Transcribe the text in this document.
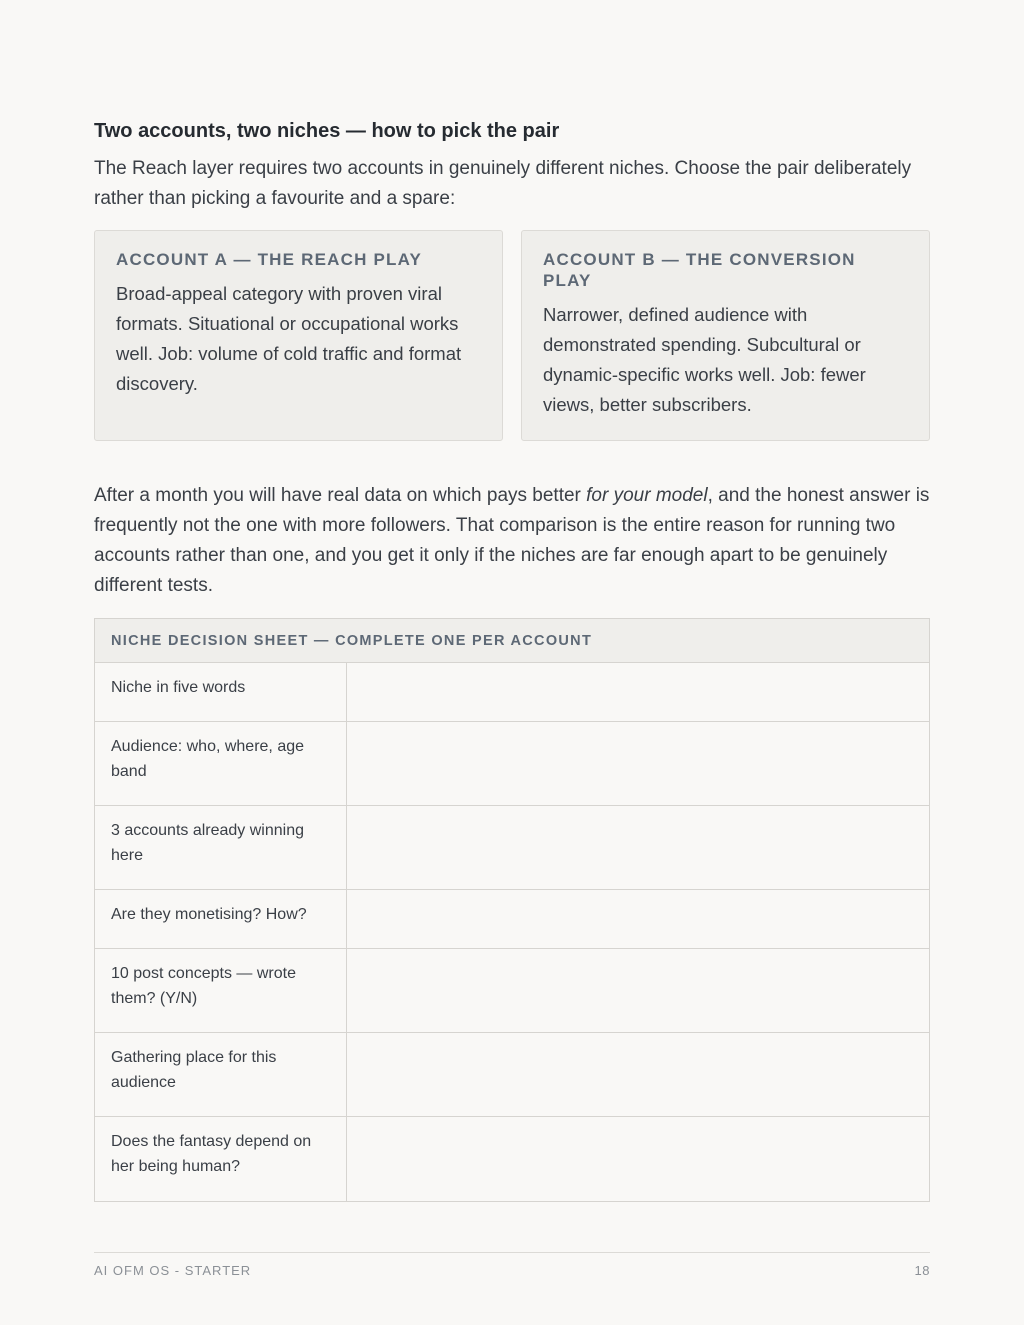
Two accounts, two niches — how to pick the pair

The Reach layer requires two accounts in genuinely different niches. Choose the pair deliberately rather than picking a favourite and a spare:

ACCOUNT A — THE REACH PLAY

Broad-appeal category with proven viral formats. Situational or occupational works well. Job: volume of cold traffic and format discovery.

ACCOUNT B — THE CONVERSION PLAY

Narrower, defined audience with demonstrated spending. Subcultural or dynamic-specific works well. Job: fewer views, better subscribers.

After a month you will have real data on which pays better for your model, and the honest answer is frequently not the one with more followers. That comparison is the entire reason for running two accounts rather than one, and you get it only if the niches are far enough apart to be genuinely different tests.

NICHE DECISION SHEET — COMPLETE ONE PER ACCOUNT
Niche in five words
Audience: who, where, age band
3 accounts already winning here
Are they monetising? How?
10 post concepts — wrote them? (Y/N)
Gathering place for this audience
Does the fantasy depend on her being human?
AI OFM OS - STARTER	18
